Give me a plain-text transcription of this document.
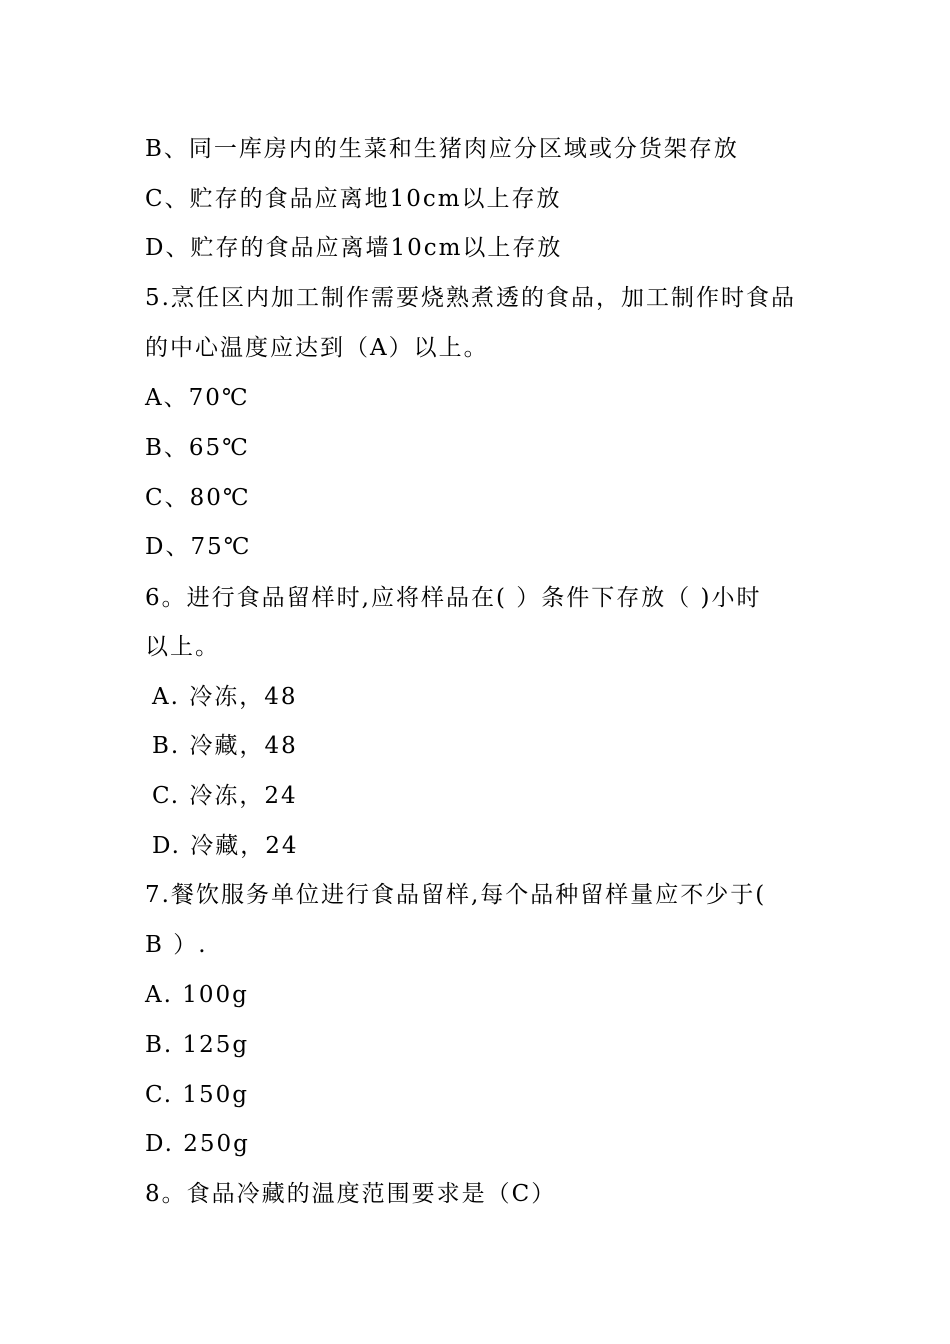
B、同一库房内的生菜和生猪肉应分区域或分货架存放
C、贮存的食品应离地10cm以上存放
D、贮存的食品应离墙10cm以上存放
5.烹任区内加工制作需要烧熟煮透的食品，加工制作时食品
的中心温度应达到（A）以上。
A、70℃
B、65℃
C、80℃
D、75℃
6。进行食品留样时,应将样品在( ）条件下存放（ )小时
以上。
A. 冷冻，48
B. 冷藏，48
C. 冷冻，24
D. 冷藏，24
7.餐饮服务单位进行食品留样,每个品种留样量应不少于(
B ）.
A. 100g
B. 125g
C. 150g
D. 250g
8。食品冷藏的温度范围要求是（C）
